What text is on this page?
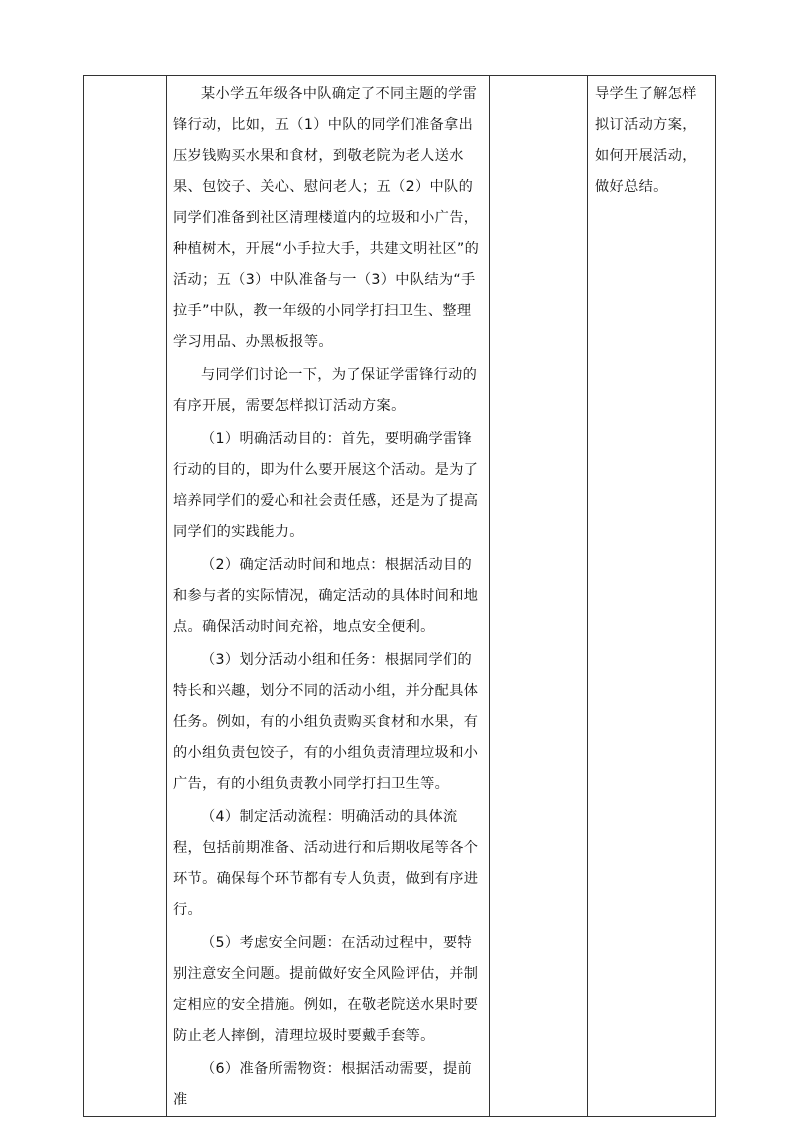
某小学五年级各中队确定了不同主题的学雷锋行动，比如，五（1）中队的同学们准备拿出压岁钱购买水果和食材，到敬老院为老人送水果、包饺子、关心、慰问老人；五（2）中队的同学们准备到社区清理楼道内的垃圾和小广告，种植树木，开展“小手拉大手，共建文明社区”的活动；五（3）中队准备与一（3）中队结为“手拉手”中队，教一年级的小同学打扫卫生、整理学习用品、办黑板报等。

与同学们讨论一下，为了保证学雷锋行动的有序开展，需要怎样拟订活动方案。

（1）明确活动目的：首先，要明确学雷锋行动的目的，即为什么要开展这个活动。是为了培养同学们的爱心和社会责任感，还是为了提高同学们的实践能力。

（2）确定活动时间和地点：根据活动目的和参与者的实际情况，确定活动的具体时间和地点。确保活动时间充裕，地点安全便利。

（3）划分活动小组和任务：根据同学们的特长和兴趣，划分不同的活动小组，并分配具体任务。例如，有的小组负责购买食材和水果，有的小组负责包饺子，有的小组负责清理垃圾和小广告，有的小组负责教小同学打扫卫生等。

（4）制定活动流程：明确活动的具体流程，包括前期准备、活动进行和后期收尾等各个环节。确保每个环节都有专人负责，做到有序进行。

（5）考虑安全问题：在活动过程中，要特别注意安全问题。提前做好安全风险评估，并制定相应的安全措施。例如，在敬老院送水果时要防止老人摔倒，清理垃圾时要戴手套等。

（6）准备所需物资：根据活动需要，提前准

导学生了解怎样拟订活动方案，如何开展活动，做好总结。
